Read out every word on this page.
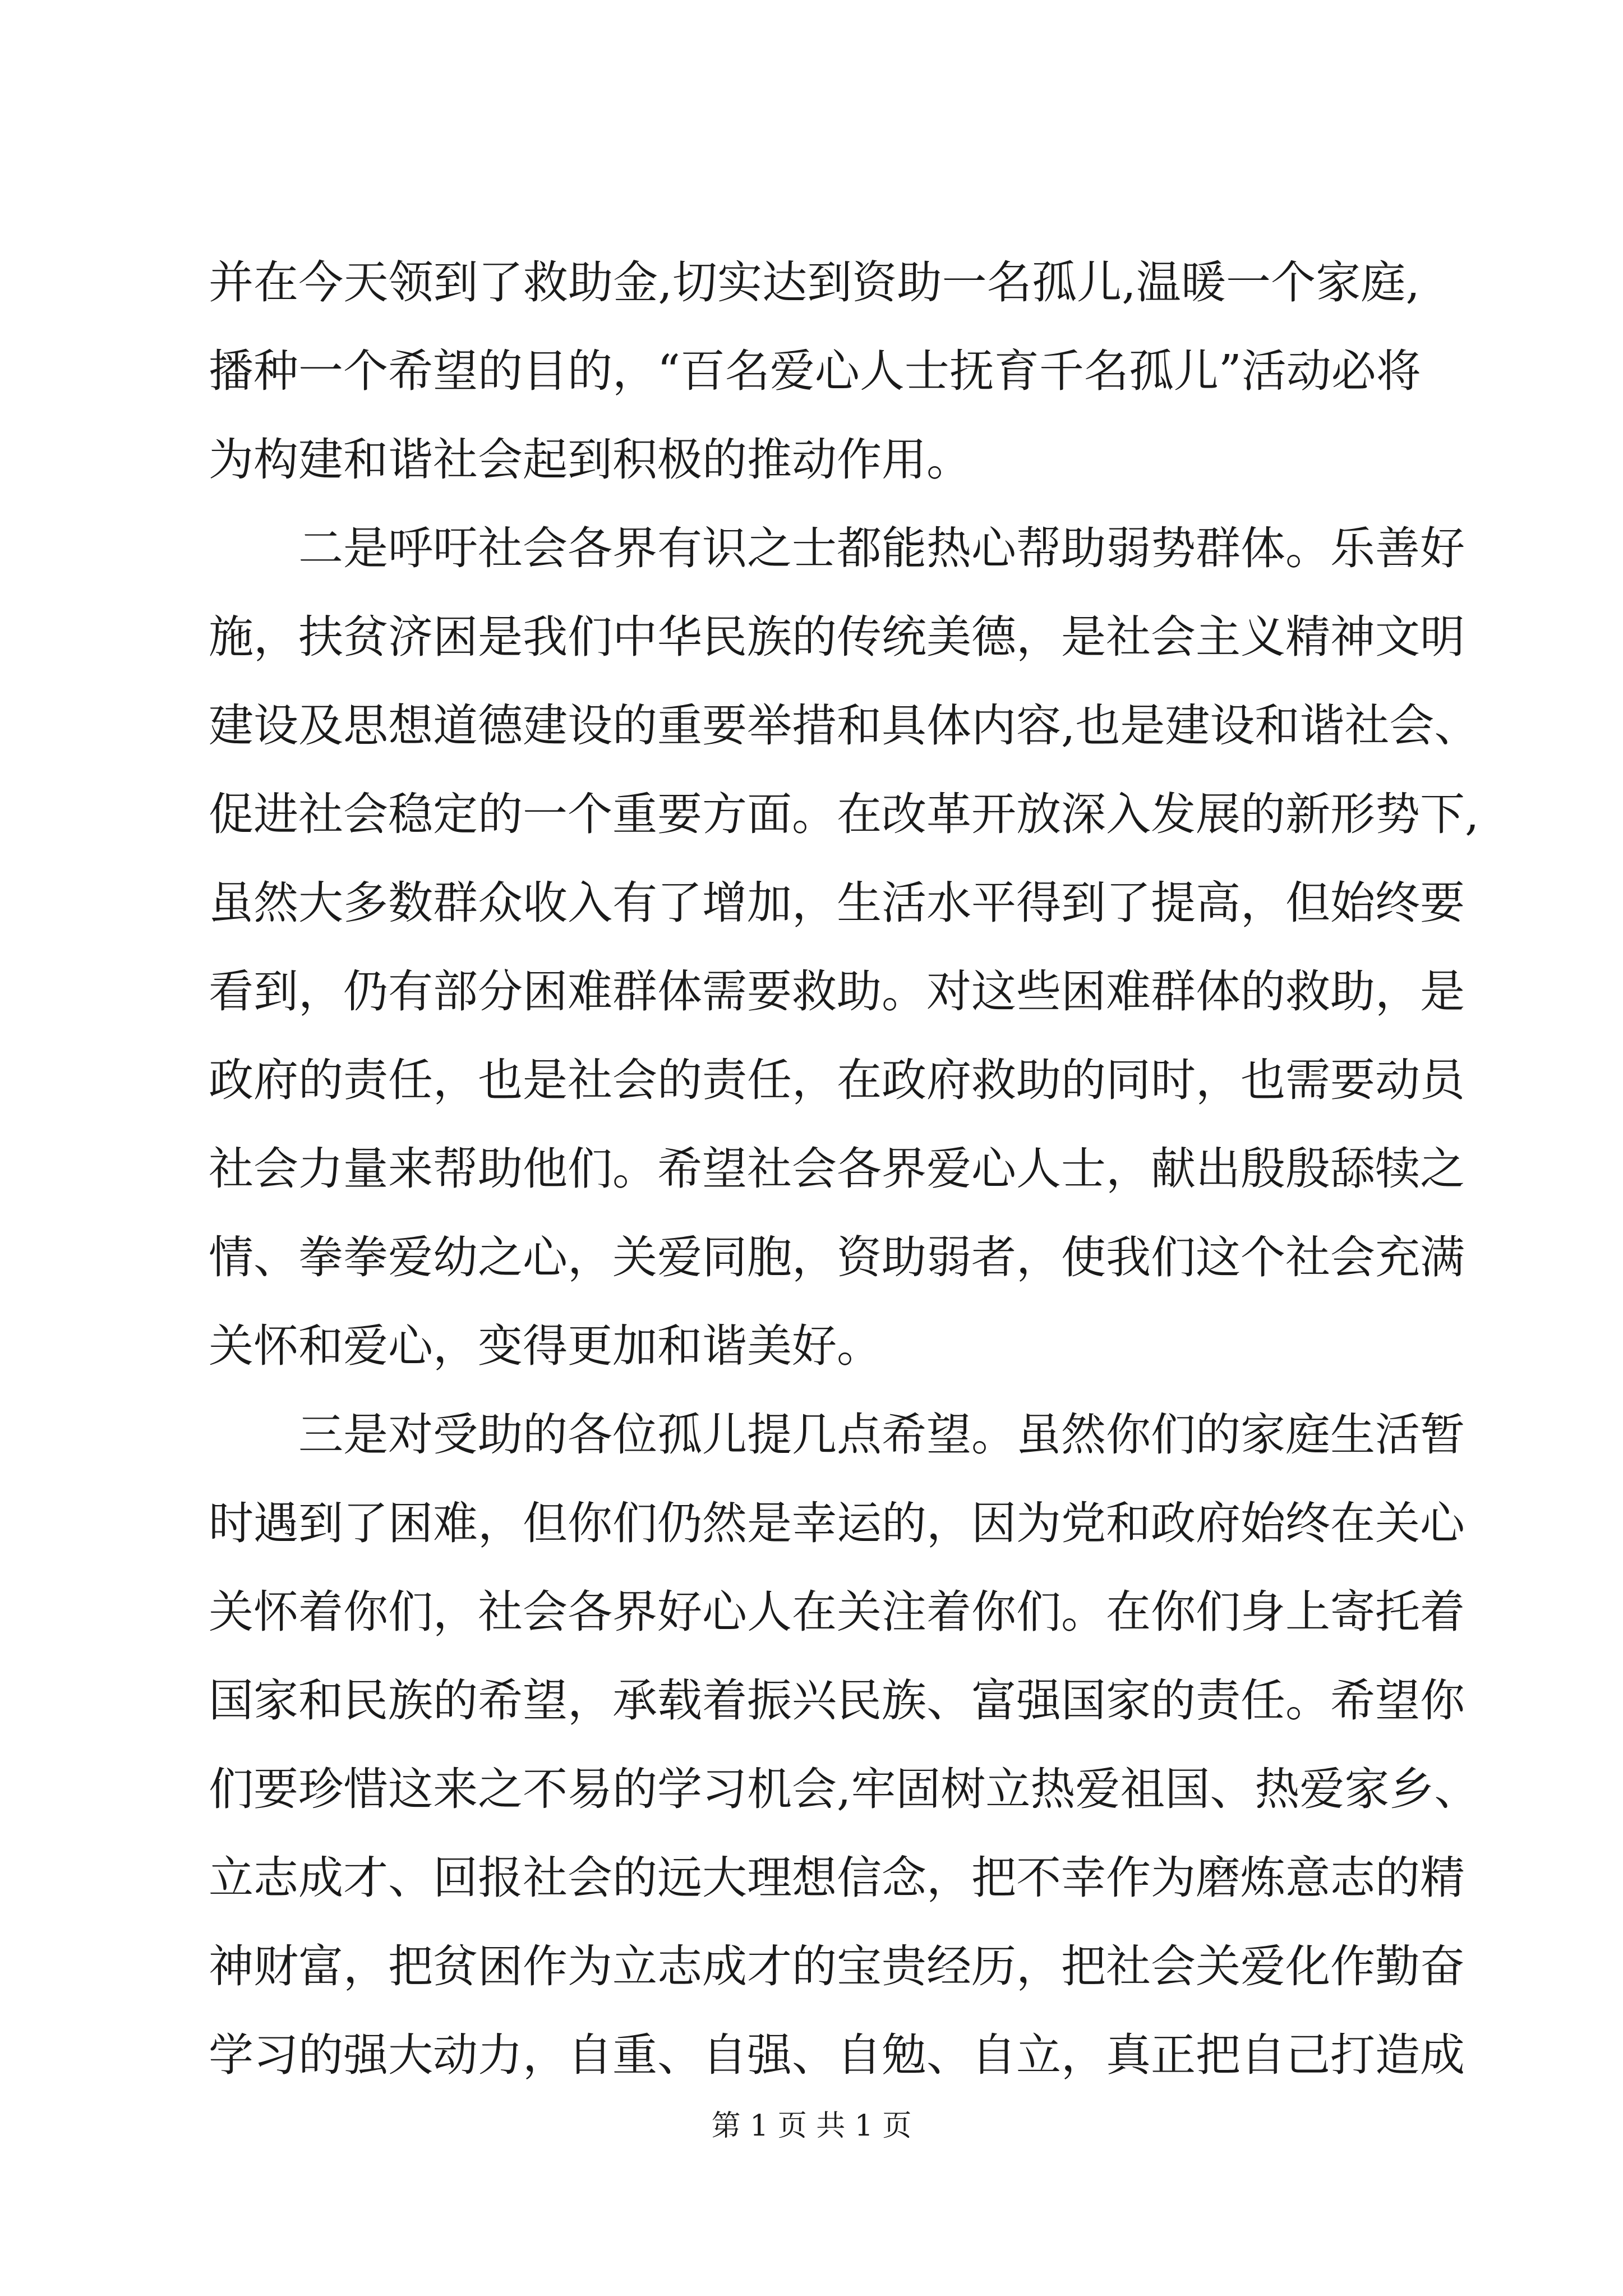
并在今天领到了救助金,切实达到资助一名孤儿,温暖一个家庭,
播种一个希望的目的，“百名爱心人士抚育千名孤儿”活动必将
为构建和谐社会起到积极的推动作用。
二是呼吁社会各界有识之士都能热心帮助弱势群体。乐善好
施，扶贫济困是我们中华民族的传统美德，是社会主义精神文明
建设及思想道德建设的重要举措和具体内容,也是建设和谐社会、
促进社会稳定的一个重要方面。在改革开放深入发展的新形势下,
虽然大多数群众收入有了增加，生活水平得到了提高，但始终要
看到，仍有部分困难群体需要救助。对这些困难群体的救助，是
政府的责任，也是社会的责任，在政府救助的同时，也需要动员
社会力量来帮助他们。希望社会各界爱心人士，献出殷殷舔犊之
情、拳拳爱幼之心，关爱同胞，资助弱者，使我们这个社会充满
关怀和爱心，变得更加和谐美好。
三是对受助的各位孤儿提几点希望。虽然你们的家庭生活暂
时遇到了困难，但你们仍然是幸运的，因为党和政府始终在关心
关怀着你们，社会各界好心人在关注着你们。在你们身上寄托着
国家和民族的希望，承载着振兴民族、富强国家的责任。希望你
们要珍惜这来之不易的学习机会,牢固树立热爱祖国、热爱家乡、
立志成才、回报社会的远大理想信念，把不幸作为磨炼意志的精
神财富，把贫困作为立志成才的宝贵经历，把社会关爱化作勤奋
学习的强大动力，自重、自强、自勉、自立，真正把自己打造成
第 1 页 共 1 页
